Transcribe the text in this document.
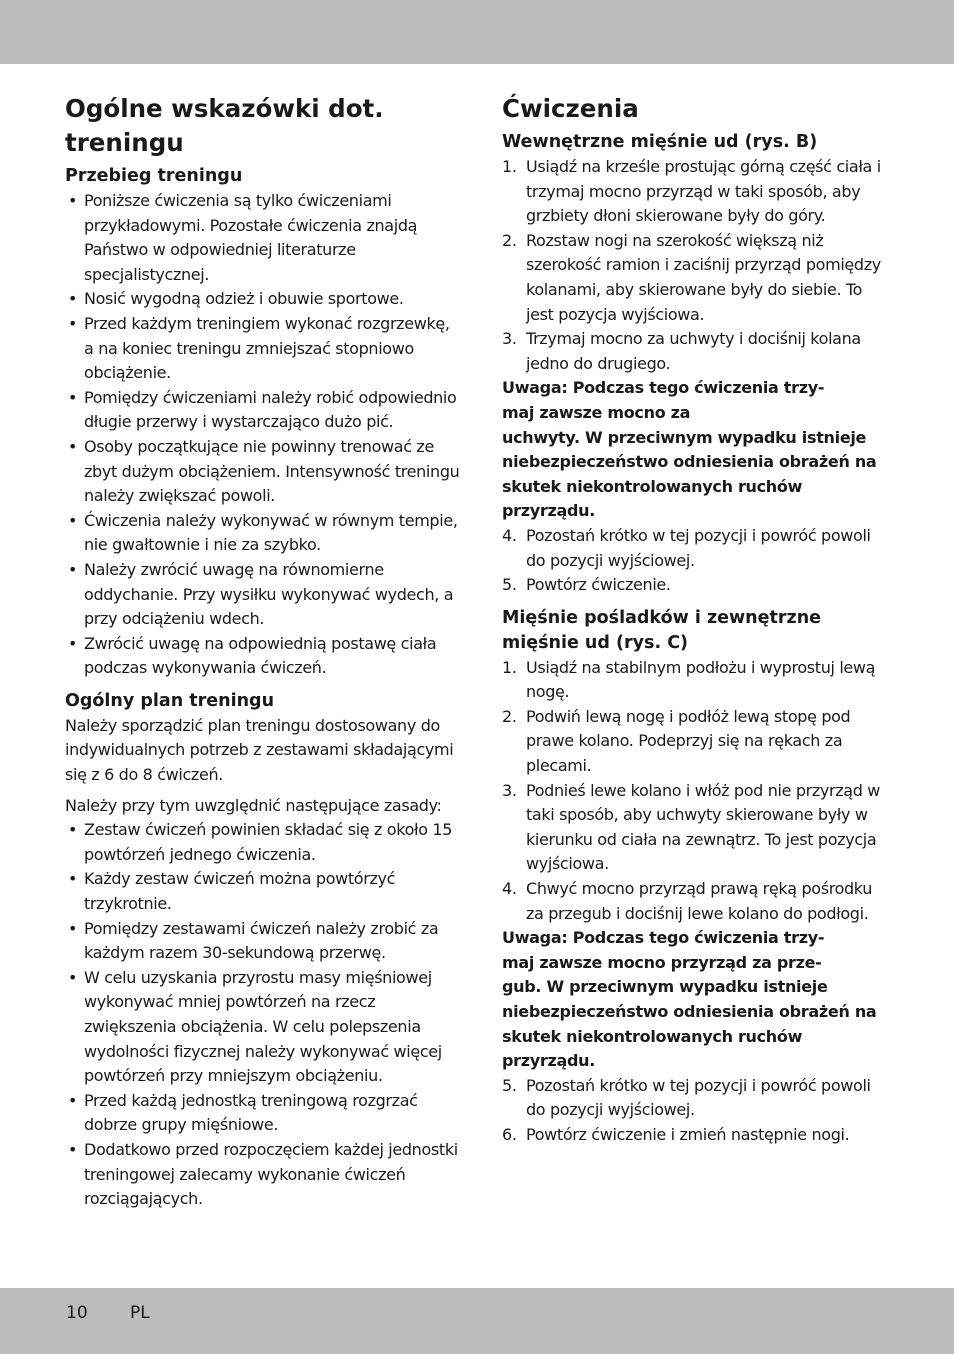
Ogólne wskazówki dot. treningu
Przebieg treningu
• Poniższe ćwiczenia są tylko ćwiczeniami przykładowymi. Pozostałe ćwiczenia znajdą Państwo w odpowiedniej literaturze specjalistycznej.
• Nosić wygodną odzież i obuwie sportowe.
• Przed każdym treningiem wykonać rozgrzewkę, a na koniec treningu zmniejszać stopniowo obciążenie.
• Pomiędzy ćwiczeniami należy robić odpowiednio długie przerwy i wystarczająco dużo pić.
• Osoby początkujące nie powinny trenować ze zbyt dużym obciążeniem. Intensywność treningu należy zwiększać powoli.
• Ćwiczenia należy wykonywać w równym tempie, nie gwałtownie i nie za szybko.
• Należy zwrócić uwagę na równomierne oddychanie. Przy wysiłku wykonywać wydech, a przy odciążeniu wdech.
• Zwrócić uwagę na odpowiednią postawę ciała podczas wykonywania ćwiczeń.
Ogólny plan treningu

Należy sporządzić plan treningu dostosowany do indywidualnych potrzeb z zestawami składającymi się z 6 do 8 ćwiczeń.

Należy przy tym uwzględnić następujące zasady:

• Zestaw ćwiczeń powinien składać się z około 15 powtórzeń jednego ćwiczenia.
• Każdy zestaw ćwiczeń można powtórzyć trzykrotnie.
• Pomiędzy zestawami ćwiczeń należy zrobić za każdym razem 30-sekundową przerwę.
• W celu uzyskania przyrostu masy mięśniowej wykonywać mniej powtórzeń na rzecz zwiększenia obciążenia. W celu polepszenia wydolności fizycznej należy wykonywać więcej powtórzeń przy mniejszym obciążeniu.
• Przed każdą jednostką treningową rozgrzać dobrze grupy mięśniowe.
• Dodatkowo przed rozpoczęciem każdej jednostki treningowej zalecamy wykonanie ćwiczeń rozciągających.
Ćwiczenia
Wewnętrzne mięśnie ud (rys. B)
1. Usiądź na krześle prostując górną część ciała i trzymaj mocno przyrząd w taki sposób, aby grzbiety dłoni skierowane były do góry.
2. Rozstaw nogi na szerokość większą niż szerokość ramion i zaciśnij przyrząd pomiędzy kolanami, aby skierowane były do siebie. To jest pozycja wyjściowa.
3. Trzymaj mocno za uchwyty i dociśnij kolana jedno do drugiego.

Uwaga: Podczas tego ćwiczenia trzy-
maj zawsze mocno za
uchwyty. W przeciwnym wypadku istnieje niebezpieczeństwo odniesienia obrażeń na skutek niekontrolowanych ruchów przyrządu.

4. Pozostań krótko w tej pozycji i powróć powoli do pozycji wyjściowej.
5. Powtórz ćwiczenie.
Mięśnie pośladków i zewnętrzne mięśnie ud (rys. C)
1. Usiądź na stabilnym podłożu i wyprostuj lewą nogę.
2. Podwiń lewą nogę i podłóż lewą stopę pod prawe kolano. Podeprzyj się na rękach za plecami.
3. Podnieś lewe kolano i włóż pod nie przyrząd w taki sposób, aby uchwyty skierowane były w kierunku od ciała na zewnątrz. To jest pozycja wyjściowa.
4. Chwyć mocno przyrząd prawą ręką pośrodku za przegub i dociśnij lewe kolano do podłogi.

Uwaga: Podczas tego ćwiczenia trzy-
maj zawsze mocno przyrząd za prze-
gub. W przeciwnym wypadku istnieje niebezpieczeństwo odniesienia obrażeń na skutek niekontrolowanych ruchów przyrządu.

5. Pozostań krótko w tej pozycji i powróć powoli do pozycji wyjściowej.
6. Powtórz ćwiczenie i zmień następnie nogi.
10 PL
